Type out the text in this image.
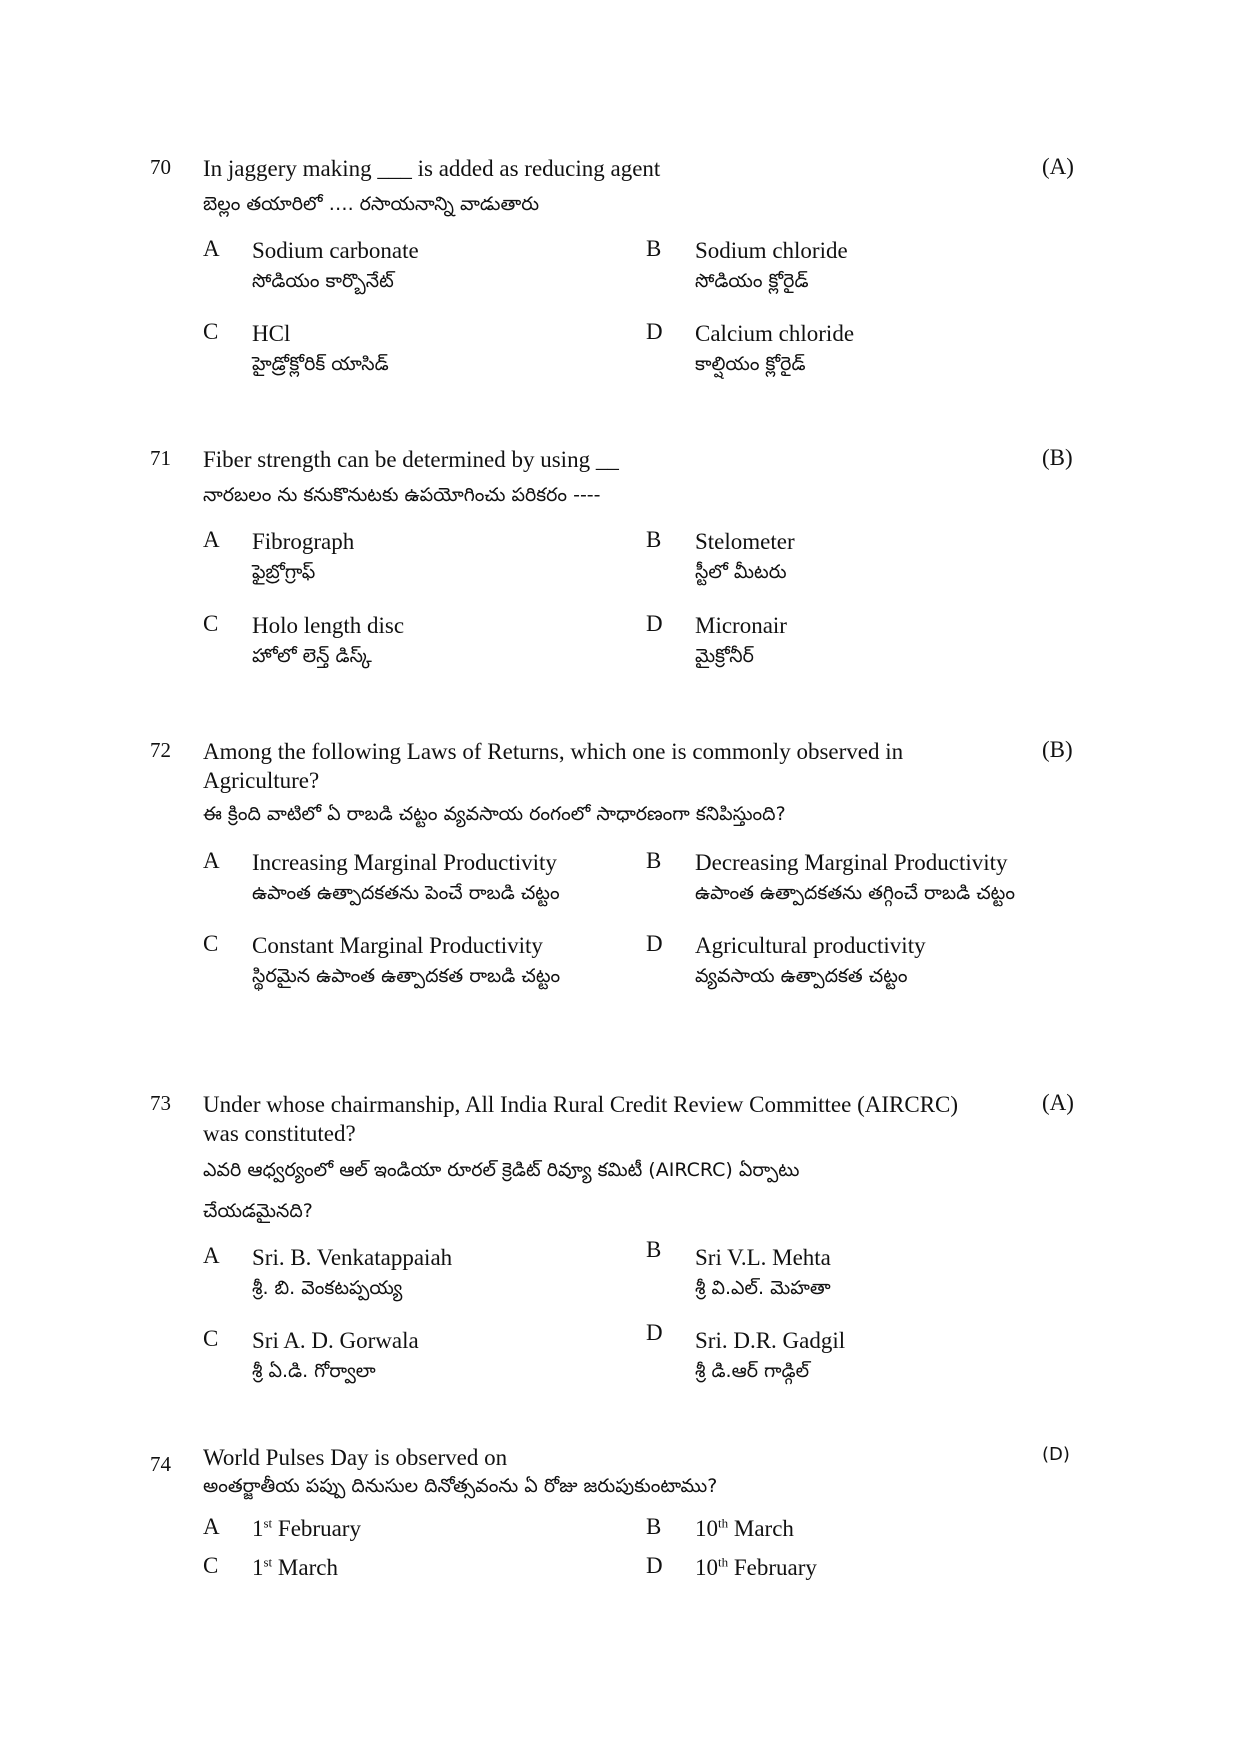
70 In jaggery making ___ is added as reducing agent	(A)
బెల్లం తయారిలో …. రసాయనాన్ని వాడుతారు
A Sodium carbonate
సోడియం కార్బొనేట్
B Sodium chloride
సోడియం క్లోరైడ్
C HCl
హైడ్రోక్లోరిక్ యాసిడ్
D Calcium chloride
కాల్షియం క్లోరైడ్
71 Fiber strength can be determined by using __	(B)
నారబలం ను కనుకొనుటకు ఉపయోగించు పరికరం ----
A Fibrograph
ఫైబ్రోగ్రాఫ్
B Stelometer
స్టీలో మీటరు
C Holo length disc
హోలో లెన్త్ డిస్క్
D Micronair
మైక్రోనీర్
72 Among the following Laws of Returns, which one is commonly observed in Agriculture?
(B)
ఈ క్రింది వాటిలో ఏ రాబడి చట్టం వ్యవసాయ రంగంలో సాధారణంగా కనిపిస్తుంది?
A Increasing Marginal Productivity
ఉపాంత ఉత్పాదకతను పెంచే రాబడి చట్టం
B Decreasing Marginal Productivity
ఉపాంత ఉత్పాదకతను తగ్గించే రాబడి చట్టం
C Constant Marginal Productivity
స్థిరమైన ఉపాంత ఉత్పాదకత రాబడి చట్టం
D Agricultural productivity
వ్యవసాయ ఉత్పాదకత చట్టం
73 Under whose chairmanship, All India Rural Credit Review Committee (AIRCRC) was constituted?
(A)
ఎవరి ఆధ్వర్యంలో ఆల్ ఇండియా రూరల్ క్రెడిట్ రివ్యూ కమిటీ (AIRCRC) ఏర్పాటు
చేయడమైనది?
A Sri. B. Venkatappaiah
శ్రీ. బి. వెంకటప్పయ్య
B Sri V.L. Mehta
శ్రీ వి.ఎల్. మెహతా
C Sri A. D. Gorwala
శ్రీ ఏ.డి. గోర్వాలా
D Sri. D.R. Gadgil
శ్రీ డి.ఆర్ గాడ్గిల్
74 World Pulses Day is observed on	(D)
అంతర్జాతీయ పప్పు దినుసుల దినోత్సవంను ఏ రోజు జరుపుకుంటాము?
A 1st February	B 10th March
C 1st March	D 10th February
